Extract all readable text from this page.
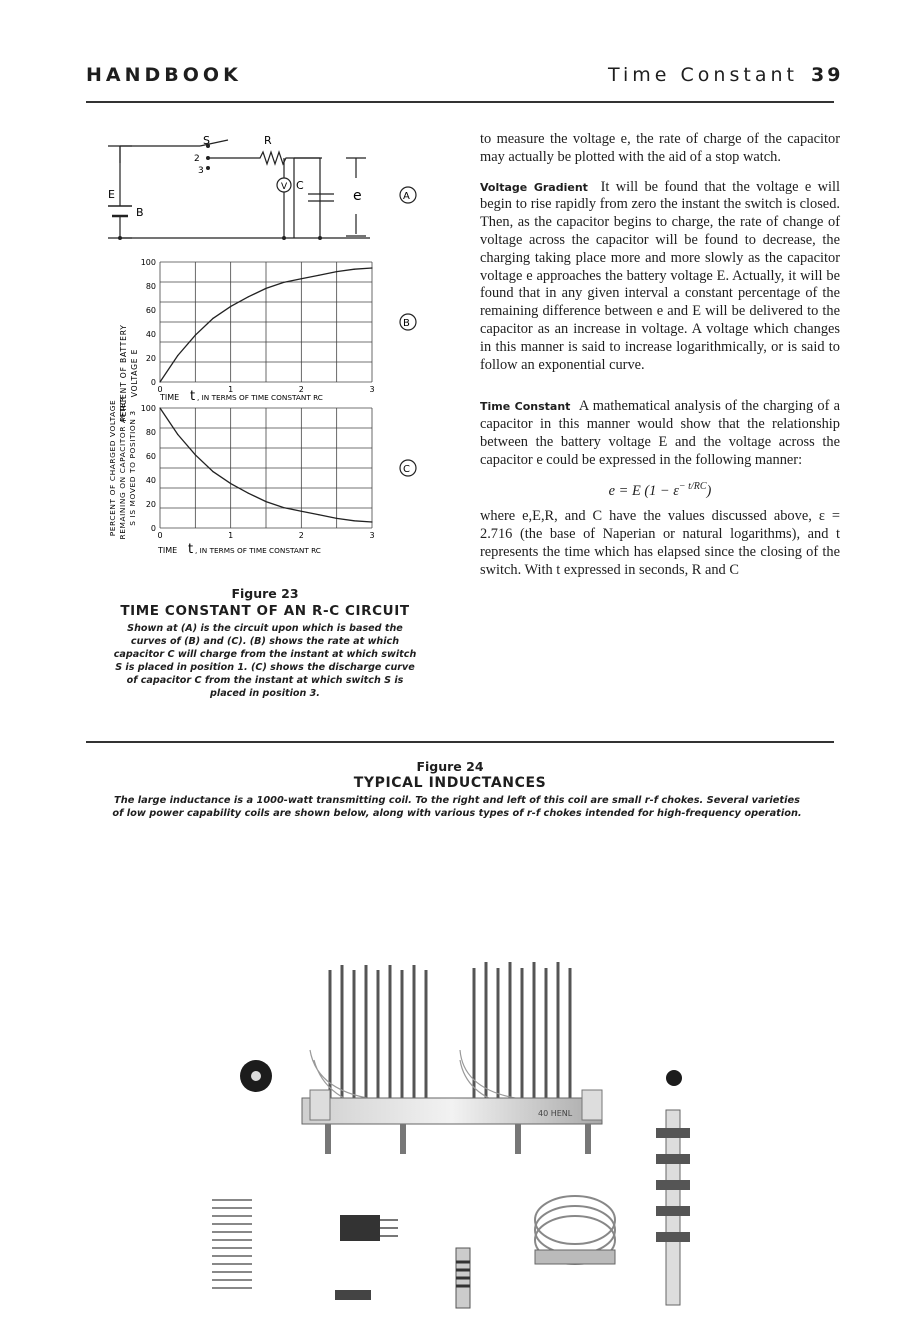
HANDBOOK	Time Constant 39
S	R
2
3
E
B
V C
e	A
100
80
60
40
20
0
0	1	2	3
B
PERCENT OF BATTERY VOLTAGE E
TIME t , IN TERMS OF TIME CONSTANT RC
100
80
60
40
20
0
0	1	2	3
C
PERCENT OF CHARGED VOLTAGE REMAINING ON CAPACITOR AFTER S IS MOVED TO POSITION 3
TIME t , IN TERMS OF TIME CONSTANT RC
Figure 23
TIME CONSTANT OF AN R-C CIRCUIT
Shown at (A) is the circuit upon which is based the curves of (B) and (C). (B) shows the rate at which capacitor C will charge from the instant at which switch S is placed in position 1. (C) shows the discharge curve of capacitor C from the instant at which switch S is placed in position 3.

to measure the voltage e, the rate of charge of the capacitor may actually be plotted with the aid of a stop watch.

Voltage Gradient It will be found that the voltage e will begin to rise rapidly from zero the instant the switch is closed. Then, as the capacitor begins to charge, the rate of change of voltage across the capacitor will be found to decrease, the charging taking place more and more slowly as the capacitor voltage e approaches the battery voltage E. Actually, it will be found that in any given interval a constant percentage of the remaining difference between e and E will be delivered to the capacitor as an increase in voltage. A voltage which changes in this manner is said to increase logarithmically, or is said to follow an exponential curve.

Time Constant A mathematical analysis of the charging of a capacitor in this manner would show that the relationship between the battery voltage E and the voltage across the capacitor e could be expressed in the following manner:

e = E $(1 - \varepsilon^{- t/RC})$

where e,E,R, and C have the values discussed above, ε = 2.716 (the base of Naperian or natural logarithms), and t represents the time which has elapsed since the closing of the switch. With t expressed in seconds, R and C

Figure 24
TYPICAL INDUCTANCES
The large inductance is a 1000-watt transmitting coil. To the right and left of this coil are small r-f chokes. Several varieties of low power capability coils are shown below, along with various types of r-f chokes intended for high-frequency operation.
40 HENL
